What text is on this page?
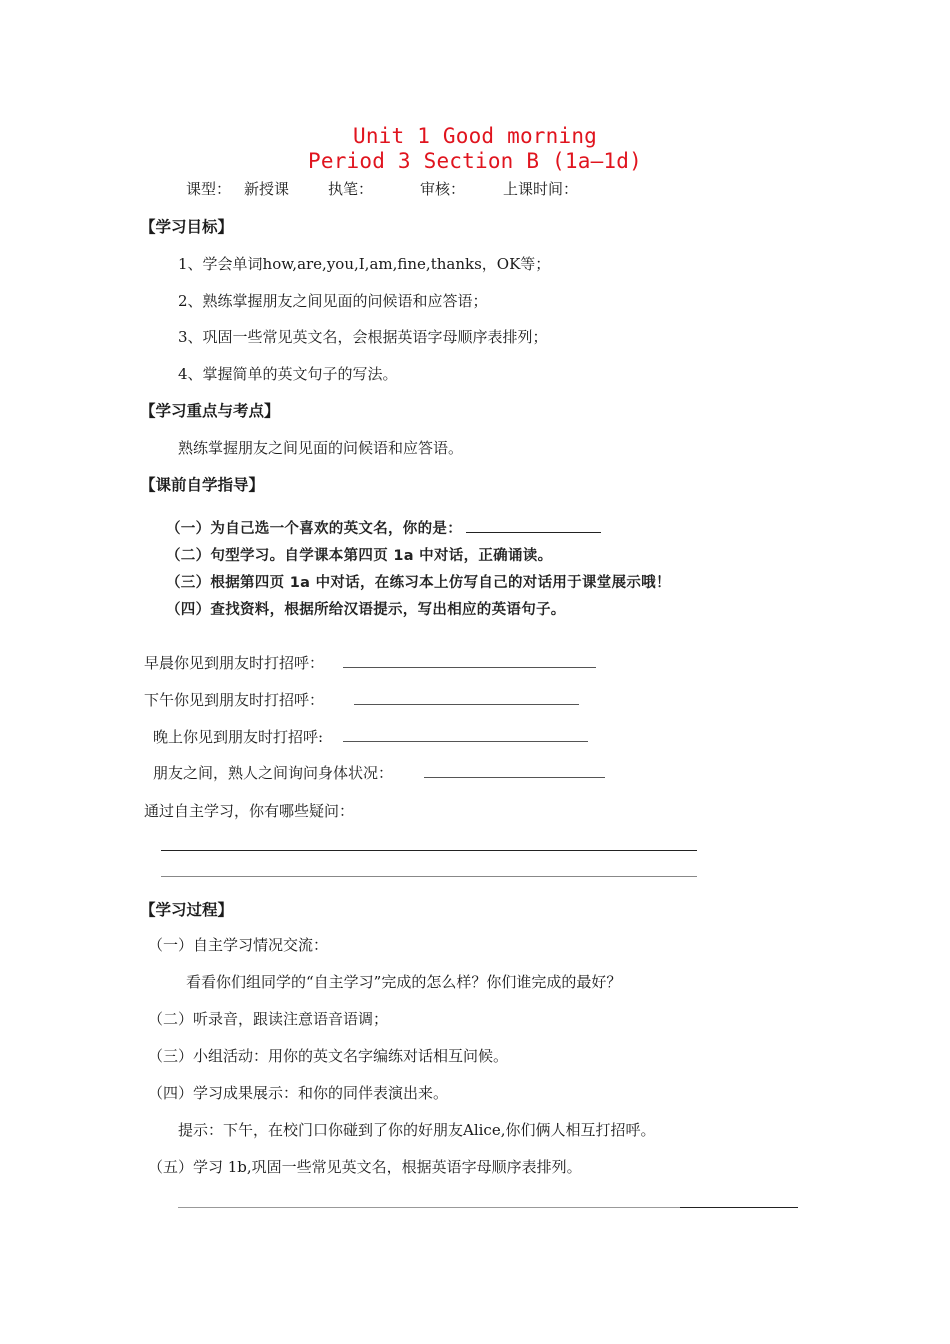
Unit 1 Good morning
Period 3 Section B (1a—1d)
课型： 新授课	执笔：	审核：	上课时间：
【学习目标】
1、学会单词how,are,you,I,am,fine,thanks，OK等；
2、熟练掌握朋友之间见面的问候语和应答语；
3、巩固一些常见英文名，会根据英语字母顺序表排列；
4、掌握简单的英文句子的写法。
【学习重点与考点】
熟练掌握朋友之间见面的问候语和应答语。
【课前自学指导】
（一）为自己选一个喜欢的英文名，你的是：
（二）句型学习。自学课本第四页 1a 中对话，正确诵读。
（三）根据第四页 1a 中对话，在练习本上仿写自己的对话用于课堂展示哦！
（四）查找资料，根据所给汉语提示，写出相应的英语句子。
早晨你见到朋友时打招呼：
下午你见到朋友时打招呼：
晚上你见到朋友时打招呼:
朋友之间，熟人之间询问身体状况：
通过自主学习，你有哪些疑问：
【学习过程】
（一）自主学习情况交流：
看看你们组同学的“自主学习”完成的怎么样？你们谁完成的最好？
（二）听录音，跟读注意语音语调；
（三）小组活动：用你的英文名字编练对话相互问候。
（四）学习成果展示：和你的同伴表演出来。
提示：下午，在校门口你碰到了你的好朋友Alice,你们俩人相互打招呼。
（五）学习 1b,巩固一些常见英文名，根据英语字母顺序表排列。
